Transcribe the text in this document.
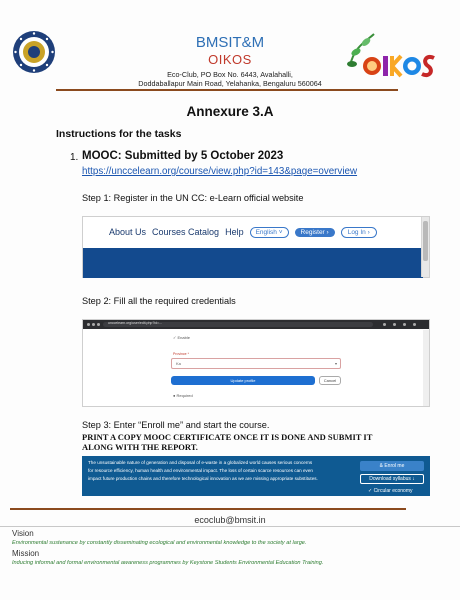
BMSIT&M
OIKOS
Eco-Club, PO Box No. 6443, Avalahalli,
Doddaballapur Main Road, Yelahanka, Bengaluru 560064
Annexure 3.A
Instructions for the tasks
1. MOOC: Submitted by 5 October 2023
https://unccelearn.org/course/view.php?id=143&page=overview
Step 1: Register in the UN CC: e-Learn official website
About Us Courses Catalog Help	English ˅	Register ›	Log In ›
Step 2: Fill all the required credentials
unccelearn.org/user/edit.php?id=...
✓ Enable
Province *
Ka	▾
Update profile	Cancel
● Required
Step 3: Enter “Enroll me” and start the course.
PRINT A COPY MOOC CERTIFICATE ONCE IT IS DONE AND SUBMIT IT ALONG WITH THE REPORT.
The unsustainable nature of generation and disposal of e-waste in a globalized world causes serious concerns for resource efficiency, human health and environmental impact. The loss of certain scarce resources can even impact future production chains and therefore technological innovation as we are missing appropriate substitutes.
& Enrol me
Download syllabus ↓
✓ Circular economy
ecoclub@bmsit.in
Vision
Environmental sustenance by constantly disseminating ecological and environmental knowledge to the society at large.
Mission
Inducing informal and formal environmental awareness programmes by Keystone Students Environmental Education Training.
